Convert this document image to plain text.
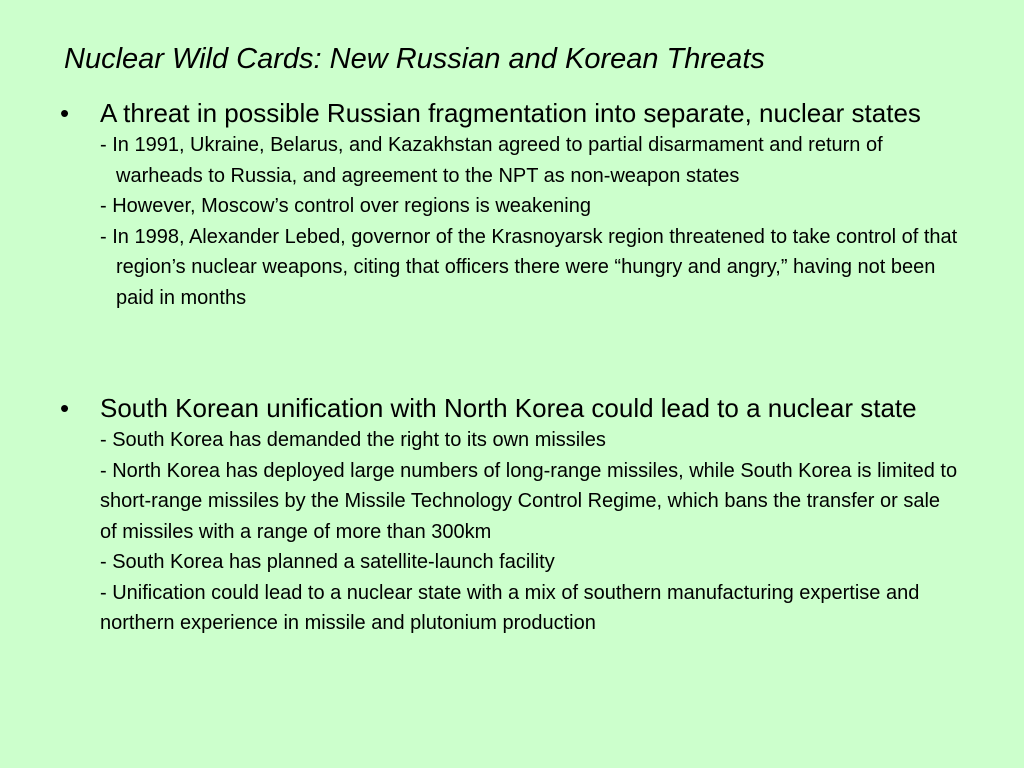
Nuclear Wild Cards: New Russian and Korean Threats
• A threat in possible Russian fragmentation into separate, nuclear states
- In 1991, Ukraine, Belarus, and Kazakhstan agreed to partial disarmament and return of warheads to Russia, and agreement to the NPT as non-weapon states
- However, Moscow’s control over regions is weakening
- In 1998, Alexander Lebed, governor of the Krasnoyarsk region threatened to take control of that region’s nuclear weapons, citing that officers there were “hungry and angry,” having not been paid in months
• South Korean unification with North Korea could lead to a nuclear state
- South Korea has demanded the right to its own missiles
- North Korea has deployed large numbers of long-range missiles, while South Korea is limited to short-range missiles by the Missile Technology Control Regime, which bans the transfer or sale of missiles with a range of more than 300km
- South Korea has planned a satellite-launch facility
- Unification could lead to a nuclear state with a mix of southern manufacturing expertise and northern experience in missile and plutonium production
